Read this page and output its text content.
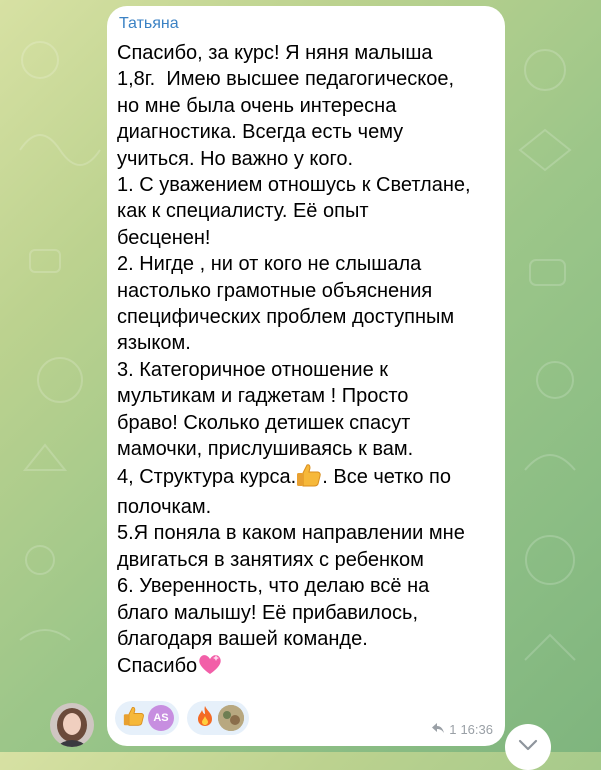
Татьяна
Спасибо, за курс! Я няня малыша
1,8г.  Имею высшее педагогическое,
но мне была очень интересна
диагностика. Всегда есть чему
учиться. Но важно у кого.
1. С уважением отношусь к Светлане,
как к специалисту. Её опыт
бесценен!
2. Нигде , ни от кого не слышала
настолько грамотные объяснения
специфических проблем доступным
языком.
3. Категоричное отношение к
мультикам и гаджетам ! Просто
браво! Сколько детишек спасут
мамочки, прислушиваясь к вам.
4, Структура курса. . Все четко по
полочкам.
5.Я поняла в каком направлении мне
двигаться в занятиях с ребенком
6. Уверенность, что делаю всё на
благо малышу! Её прибавилось,
благодаря вашей команде.
Спасибо
AS
1 16:36
